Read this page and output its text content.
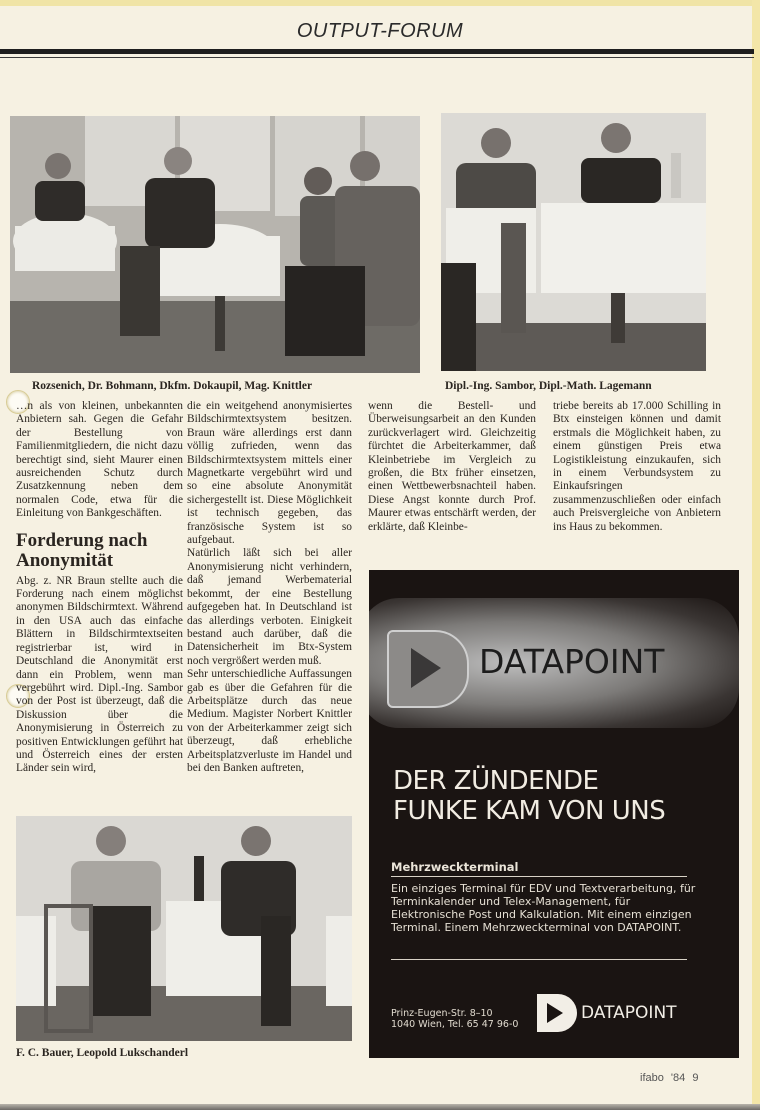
OUTPUT-FORUM
Rozsenich, Dr. Bohmann, Dkfm. Dokaupil, Mag. Knittler	Dipl.-Ing. Sambor, Dipl.-Math. Lagemann

…n als von kleinen, unbekannten Anbietern sah. Gegen die Gefahr der Bestellung von Familienmitgliedern, die nicht dazu berechtigt sind, sieht Maurer einen ausreichenden Schutz durch Zusatzkennung neben dem normalen Code, etwa für die Einleitung von Bankgeschäften.

Forderung nach Anonymität

Abg. z. NR Braun stellte auch die Forderung nach einem möglichst anonymen Bildschirmtext. Während in den USA auch das einfache Blättern in Bildschirmtextseiten registrierbar ist, wird in Deutschland die Anonymität erst dann ein Problem, wenn man vergebührt wird. Dipl.-Ing. Sambor von der Post ist überzeugt, daß die Diskussion über die Anonymisierung in Österreich zu positiven Entwicklungen geführt hat und Österreich eines der ersten Länder sein wird,

die ein weitgehend anonymisiertes Bildschirmtextsystem besitzen. Braun wäre allerdings erst dann völlig zufrieden, wenn das Bildschirmtextsystem mittels einer Magnetkarte vergebührt wird und so eine absolute Anonymität sichergestellt ist. Diese Möglichkeit ist technisch gegeben, das französische System ist so aufgebaut.

Natürlich läßt sich bei aller Anonymisierung nicht verhindern, daß jemand Werbematerial bekommt, der eine Bestellung aufgegeben hat. In Deutschland ist das allerdings verboten. Einigkeit bestand auch darüber, daß die Datensicherheit im Btx-System noch vergrößert werden muß.

Sehr unterschiedliche Auffassungen gab es über die Gefahren für die Arbeitsplätze durch das neue Medium. Magister Norbert Knittler von der Arbeiterkammer zeigt sich überzeugt, daß erhebliche Arbeitsplatzverluste im Handel und bei den Banken auftreten,

wenn die Bestell- und Überweisungsarbeit an den Kunden zurückverlagert wird. Gleichzeitig fürchtet die Arbeiterkammer, daß Kleinbetriebe im Vergleich zu großen, die Btx früher einsetzen, einen Wettbewerbsnachteil haben. Diese Angst konnte durch Prof. Maurer etwas entschärft werden, der erklärte, daß Kleinbe-

triebe bereits ab 17.000 Schilling in Btx einsteigen können und damit erstmals die Möglichkeit haben, zu einem günstigen Preis etwa Logistikleistung einzukaufen, sich in einem Verbundsystem zu Einkaufsringen zusammenzuschließen oder einfach auch Preisvergleiche von Anbietern ins Haus zu bekommen.

F. C. Bauer, Leopold Lukschanderl
DATAPOINT
DER ZÜNDENDE
FUNKE KAM VON UNS
Mehrzweckterminal
Ein einziges Terminal für EDV und Textverarbeitung, für Terminkalender und Telex-Management, für Elektronische Post und Kalkulation. Mit einem einzigen Terminal. Einem Mehrzweckterminal von DATAPOINT.
Prinz-Eugen-Str. 8–10
1040 Wien, Tel. 65 47 96-0
DATAPOINT
ifabo '84 9
